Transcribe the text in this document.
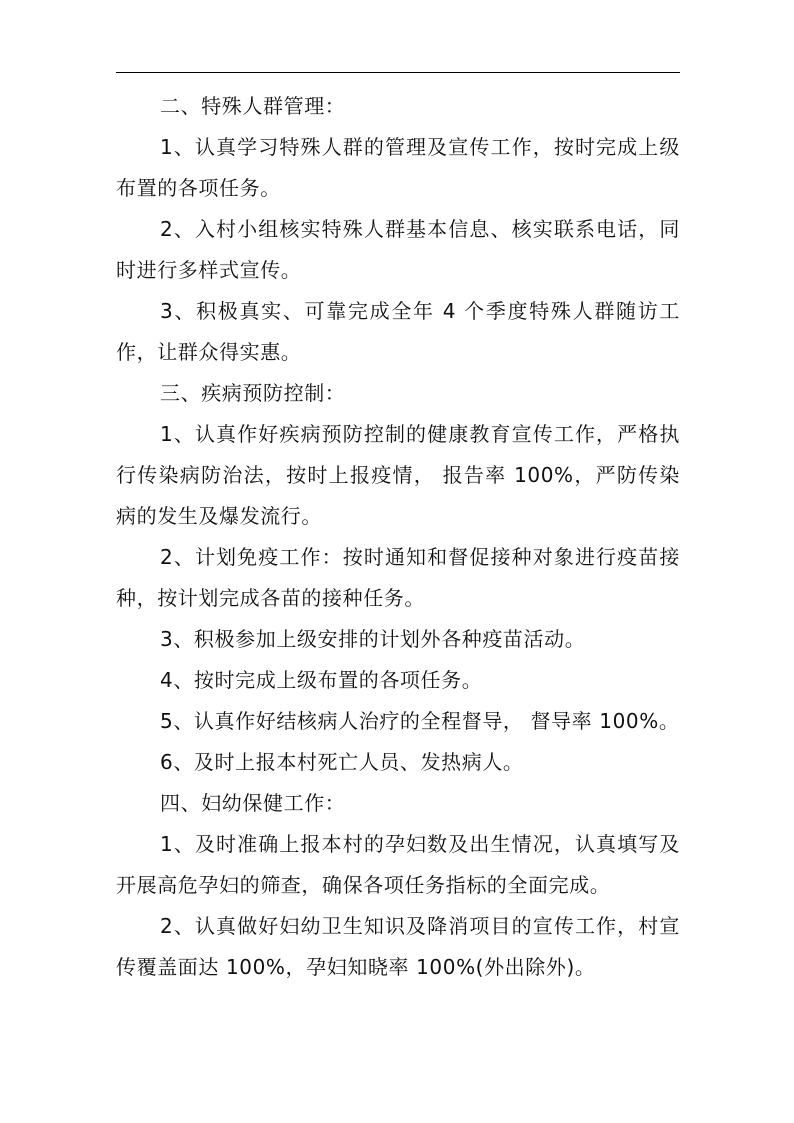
二、特殊人群管理：

1、认真学习特殊人群的管理及宣传工作，按时完成上级布置的各项任务。

2、入村小组核实特殊人群基本信息、核实联系电话，同时进行多样式宣传。

3、积极真实、可靠完成全年 4 个季度特殊人群随访工作，让群众得实惠。

三、疾病预防控制：

1、认真作好疾病预防控制的健康教育宣传工作，严格执行传染病防治法，按时上报疫情， 报告率 100%，严防传染病的发生及爆发流行。

2、计划免疫工作：按时通知和督促接种对象进行疫苗接种，按计划完成各苗的接种任务。

3、积极参加上级安排的计划外各种疫苗活动。

4、按时完成上级布置的各项任务。

5、认真作好结核病人治疗的全程督导， 督导率 100%。

6、及时上报本村死亡人员、发热病人。

四、妇幼保健工作：

1、及时准确上报本村的孕妇数及出生情况，认真填写及开展高危孕妇的筛查，确保各项任务指标的全面完成。

2、认真做好妇幼卫生知识及降消项目的宣传工作，村宣传覆盖面达 100%，孕妇知晓率 100%(外出除外)。
